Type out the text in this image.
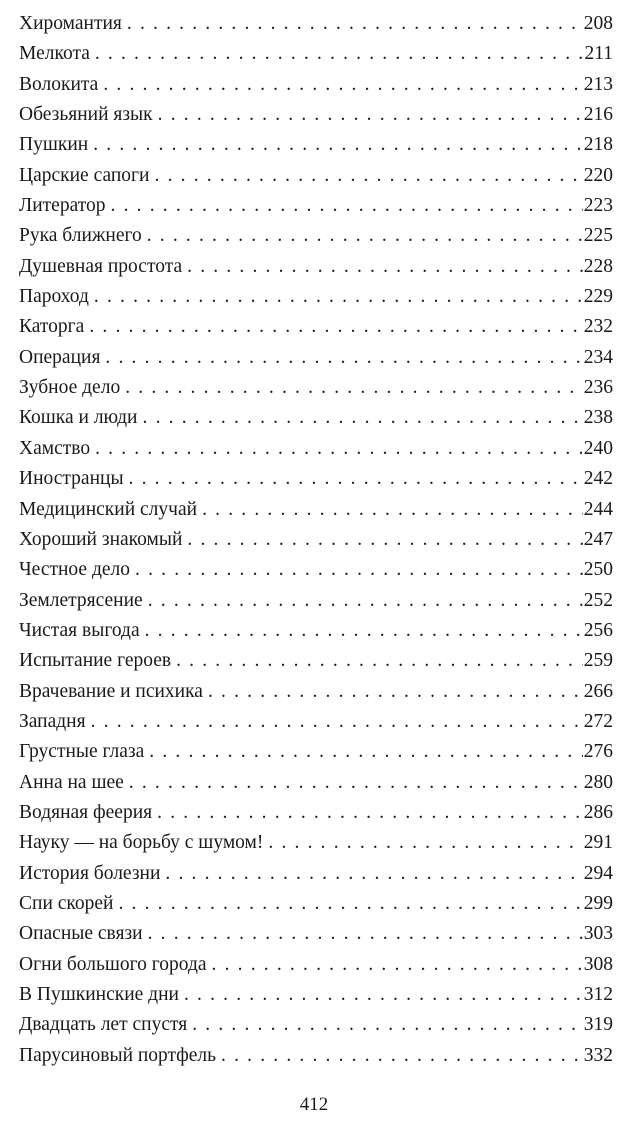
Хиромантия .....	208
Мелкота .....	211
Волокита .....	213
Обезьяний язык .....	216
Пушкин .....	218
Царские сапоги .....	220
Литератор .....	223
Рука ближнего .....	225
Душевная простота .....	228
Пароход .....	229
Каторга .....	232
Операция .....	234
Зубное дело .....	236
Кошка и люди .....	238
Хамство .....	240
Иностранцы .....	242
Медицинский случай .....	244
Хороший знакомый .....	247
Честное дело .....	250
Землетрясение .....	252
Чистая выгода .....	256
Испытание героев .....	259
Врачевание и психика .....	266
Западня .....	272
Грустные глаза .....	276
Анна на шее .....	280
Водяная феерия .....	286
Науку — на борьбу с шумом! .....	291
История болезни .....	294
Спи скорей .....	299
Опасные связи .....	303
Огни большого города .....	308
В Пушкинские дни .....	312
Двадцать лет спустя .....	319
Парусиновый портфель .....	332
412
